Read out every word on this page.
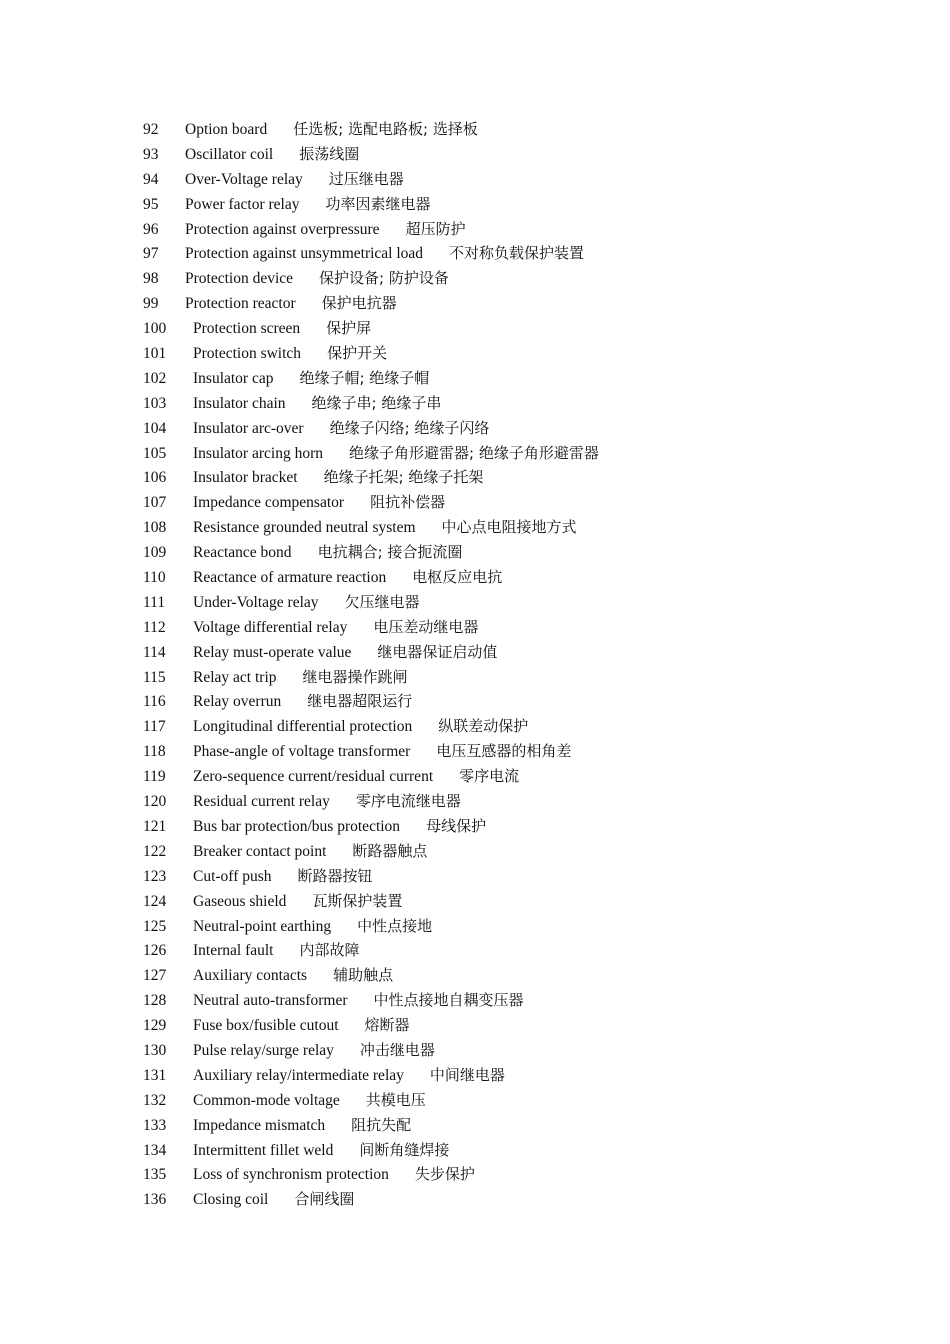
92 Option board 任选板; 选配电路板; 选择板
93 Oscillator coil 振荡线圈
94 Over-Voltage relay 过压继电器
95 Power factor relay 功率因素继电器
96 Protection against overpressure 超压防护
97 Protection against unsymmetrical load 不对称负载保护装置
98 Protection device 保护设备; 防护设备
99 Protection reactor 保护电抗器
100 Protection screen 保护屏
101 Protection switch 保护开关
102 Insulator cap 绝缘子帽; 绝缘子帽
103 Insulator chain 绝缘子串; 绝缘子串
104 Insulator arc-over 绝缘子闪络; 绝缘子闪络
105 Insulator arcing horn 绝缘子角形避雷器; 绝缘子角形避雷器
106 Insulator bracket 绝缘子托架; 绝缘子托架
107 Impedance compensator 阻抗补偿器
108 Resistance grounded neutral system 中心点电阻接地方式
109 Reactance bond 电抗耦合; 接合扼流圈
110 Reactance of armature reaction 电枢反应电抗
111 Under-Voltage relay 欠压继电器
112 Voltage differential relay 电压差动继电器
114 Relay must-operate value 继电器保证启动值
115 Relay act trip 继电器操作跳闸
116 Relay overrun 继电器超限运行
117 Longitudinal differential protection 纵联差动保护
118 Phase-angle of voltage transformer 电压互感器的相角差
119 Zero-sequence current/residual current 零序电流
120 Residual current relay 零序电流继电器
121 Bus bar protection/bus protection 母线保护
122 Breaker contact point 断路器触点
123 Cut-off push 断路器按钮
124 Gaseous shield 瓦斯保护装置
125 Neutral-point earthing 中性点接地
126 Internal fault 内部故障
127 Auxiliary contacts 辅助触点
128 Neutral auto-transformer 中性点接地自耦变压器
129 Fuse box/fusible cutout 熔断器
130 Pulse relay/surge relay 冲击继电器
131 Auxiliary relay/intermediate relay 中间继电器
132 Common-mode voltage 共模电压
133 Impedance mismatch 阻抗失配
134 Intermittent fillet weld 间断角缝焊接
135 Loss of synchronism protection 失步保护
136 Closing coil 合闸线圈
